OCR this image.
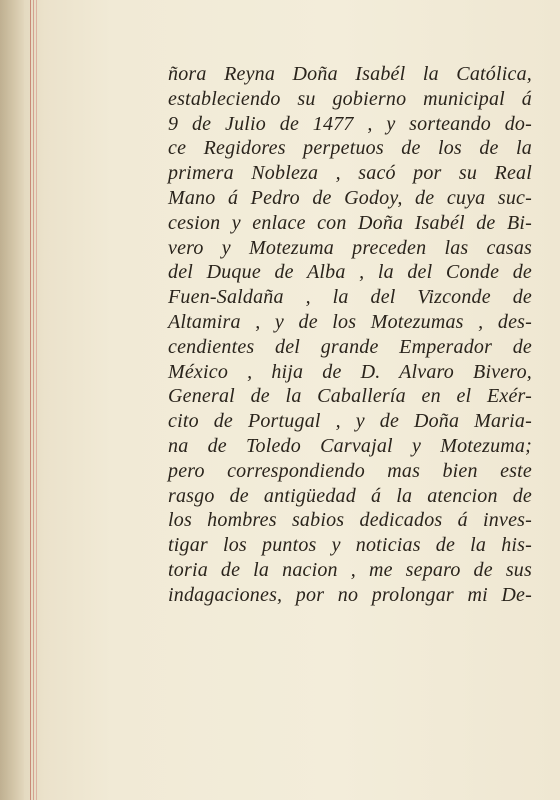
ñora Reyna Doña Isabél la Católica,
estableciendo su gobierno municipal á
9 de Julio de 1477 , y sorteando do-
ce Regidores perpetuos de los de la
primera Nobleza , sacó por su Real
Mano á Pedro de Godoy, de cuya suc-
cesion y enlace con Doña Isabél de Bi-
vero y Motezuma preceden las casas
del Duque de Alba , la del Conde de
Fuen-Saldaña , la del Vizconde de
Altamira , y de los Motezumas , des-
cendientes del grande Emperador de
México , hija de D. Alvaro Bivero,
General de la Caballería en el Exér-
cito de Portugal , y de Doña Maria-
na de Toledo Carvajal y Motezuma;
pero correspondiendo mas bien este
rasgo de antigüedad á la atencion de
los hombres sabios dedicados á inves-
tigar los puntos y noticias de la his-
toria de la nacion , me separo de sus
indagaciones, por no prolongar mi De-
